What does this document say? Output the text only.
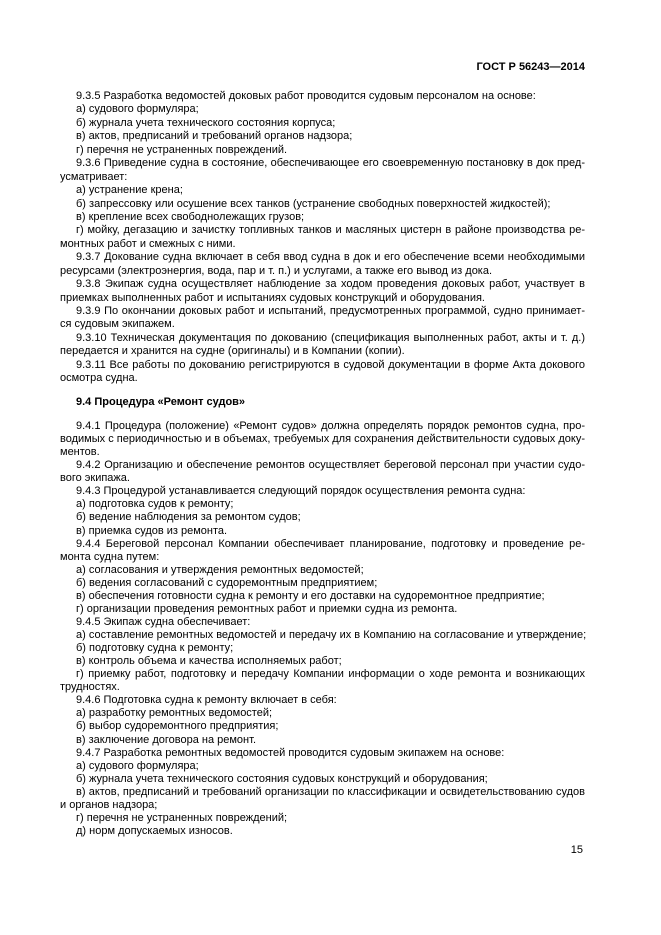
ГОСТ Р 56243—2014
9.3.5 Разработка ведомостей доковых работ проводится судовым персоналом на основе:
а) судового формуляра;
б) журнала учета технического состояния корпуса;
в) актов, предписаний и требований органов надзора;
г) перечня не устраненных повреждений.
9.3.6 Приведение судна в состояние, обеспечивающее его своевременную постановку в док пред-
усматривает:
а) устранение крена;
б) запрессовку или осушение всех танков (устранение свободных поверхностей жидкостей);
в) крепление всех свободнолежащих грузов;
г) мойку, дегазацию и зачистку топливных танков и масляных цистерн в районе производства ре-
монтных работ и смежных с ними.
9.3.7 Докование судна включает в себя ввод судна в док и его обеспечение всеми необходимыми
ресурсами (электроэнергия, вода, пар и т. п.) и услугами, а также его вывод из дока.
9.3.8 Экипаж судна осуществляет наблюдение за ходом проведения доковых работ, участвует в
приемках выполненных работ и испытаниях судовых конструкций и оборудования.
9.3.9 По окончании доковых работ и испытаний, предусмотренных программой, судно принимает-
ся судовым экипажем.
9.3.10 Техническая документация по докованию (спецификация выполненных работ, акты и т. д.)
передается и хранится на судне (оригиналы) и в Компании (копии).
9.3.11 Все работы по докованию регистрируются в судовой документации в форме Акта докового
осмотра судна.
9.4 Процедура «Ремонт судов»
9.4.1 Процедура (положение) «Ремонт судов» должна определять порядок ремонтов судна, про-
водимых с периодичностью и в объемах, требуемых для сохранения действительности судовых доку-
ментов.
9.4.2 Организацию и обеспечение ремонтов осуществляет береговой персонал при участии судо-
вого экипажа.
9.4.3 Процедурой устанавливается следующий порядок осуществления ремонта судна:
а) подготовка судов к ремонту;
б) ведение наблюдения за ремонтом судов;
в) приемка судов из ремонта.
9.4.4 Береговой персонал Компании обеспечивает планирование, подготовку и проведение ре-
монта судна путем:
а) согласования и утверждения ремонтных ведомостей;
б) ведения согласований с судоремонтным предприятием;
в) обеспечения готовности судна к ремонту и его доставки на судоремонтное предприятие;
г) организации проведения ремонтных работ и приемки судна из ремонта.
9.4.5 Экипаж судна обеспечивает:
а) составление ремонтных ведомостей и передачу их в Компанию на согласование и утверждение;
б) подготовку судна к ремонту;
в) контроль объема и качества исполняемых работ;
г) приемку работ, подготовку и передачу Компании информации о ходе ремонта и возникающих
трудностях.
9.4.6 Подготовка судна к ремонту включает в себя:
а) разработку ремонтных ведомостей;
б) выбор судоремонтного предприятия;
в) заключение договора на ремонт.
9.4.7 Разработка ремонтных ведомостей проводится судовым экипажем на основе:
а) судового формуляра;
б) журнала учета технического состояния судовых конструкций и оборудования;
в) актов, предписаний и требований организации по классификации и освидетельствованию судов
и органов надзора;
г) перечня не устраненных повреждений;
д) норм допускаемых износов.
15
